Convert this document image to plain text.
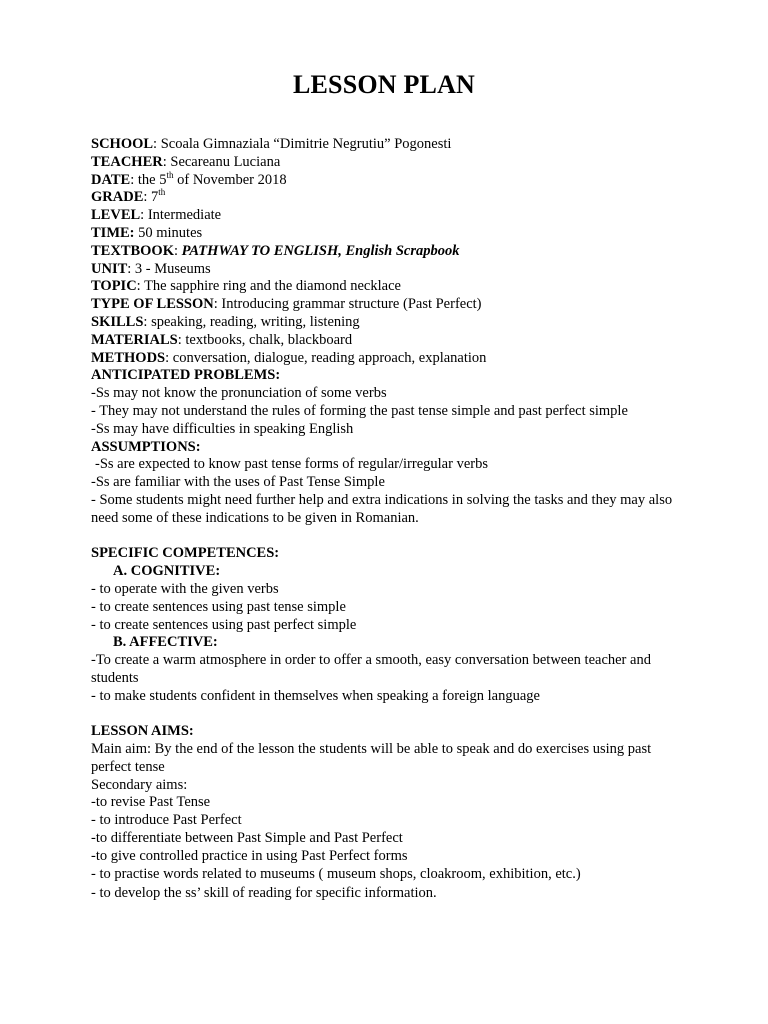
LESSON PLAN
SCHOOL: Scoala Gimnaziala “Dimitrie Negrutiu” Pogonesti
TEACHER: Secareanu Luciana
DATE: the 5th of November 2018
GRADE: 7th
LEVEL: Intermediate
TIME: 50 minutes
TEXTBOOK: PATHWAY TO ENGLISH, English Scrapbook
UNIT: 3 - Museums
TOPIC: The sapphire ring and the diamond necklace
TYPE OF LESSON: Introducing grammar structure (Past Perfect)
SKILLS: speaking, reading, writing, listening
MATERIALS: textbooks, chalk, blackboard
METHODS: conversation, dialogue, reading approach, explanation
ANTICIPATED PROBLEMS:
-Ss may not know the pronunciation of some verbs
- They may not understand the rules of forming the past tense simple and past perfect simple
-Ss may have difficulties in speaking English
ASSUMPTIONS:
-Ss are expected to know past tense forms of regular/irregular verbs
-Ss are familiar with the uses of Past Tense Simple
- Some students might need further help and extra indications in solving the tasks and they may also need some of these indications to be given in Romanian.
SPECIFIC COMPETENCES:
A. COGNITIVE:
- to operate with the given verbs
- to create sentences using past tense simple
- to create sentences using past perfect simple
B. AFFECTIVE:
-To create a warm atmosphere in order to offer a smooth, easy conversation between teacher and students
- to make students confident in themselves when speaking a foreign language
LESSON AIMS:
Main aim: By the end of the lesson the students will be able to speak and do exercises using past perfect tense
Secondary aims:
-to revise Past Tense
- to introduce Past Perfect
-to differentiate between Past Simple and Past Perfect
-to give controlled practice in using Past Perfect forms
- to practise words related to museums ( museum shops, cloakroom, exhibition, etc.)
- to develop the ss’ skill of reading for specific information.
